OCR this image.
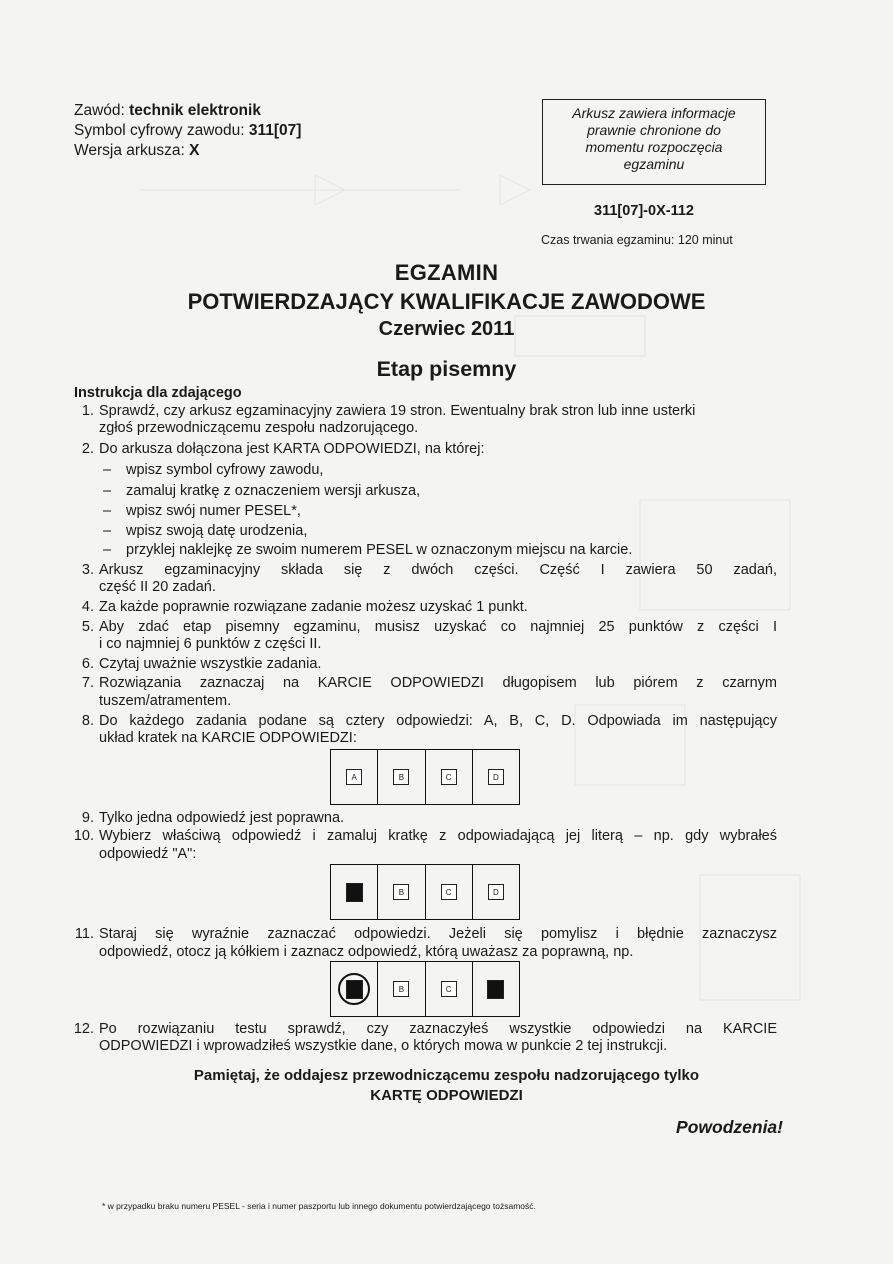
Zawód: technik elektronik
Symbol cyfrowy zawodu: 311[07]
Wersja arkusza: X
Arkusz zawiera informacje
prawnie chronione do
momentu rozpoczęcia
egzaminu
311[07]-0X-112
Czas trwania egzaminu: 120 minut
EGZAMIN
POTWIERDZAJĄCY KWALIFIKACJE ZAWODOWE
Czerwiec 2011
Etap pisemny
Instrukcja dla zdającego
1. Sprawdź, czy arkusz egzaminacyjny zawiera 19 stron. Ewentualny brak stron lub inne usterki
zgłoś przewodniczącemu zespołu nadzorującego.
2. Do arkusza dołączona jest KARTA ODPOWIEDZI, na której:
– wpisz symbol cyfrowy zawodu,
– zamaluj kratkę z oznaczeniem wersji arkusza,
– wpisz swój numer PESEL*,
– wpisz swoją datę urodzenia,
– przyklej naklejkę ze swoim numerem PESEL w oznaczonym miejscu na karcie.
3. Arkusz egzaminacyjny składa się z dwóch części. Część I zawiera 50 zadań,
część II 20 zadań.
4. Za każde poprawnie rozwiązane zadanie możesz uzyskać 1 punkt.
5. Aby zdać etap pisemny egzaminu, musisz uzyskać co najmniej 25 punktów z części I
i co najmniej 6 punktów z części II.
6. Czytaj uważnie wszystkie zadania.
7. Rozwiązania zaznaczaj na KARCIE ODPOWIEDZI długopisem lub piórem z czarnym
tuszem/atramentem.
8. Do każdego zadania podane są cztery odpowiedzi: A, B, C, D. Odpowiada im następujący
układ kratek na KARCIE ODPOWIEDZI:
A	B	C	D
9. Tylko jedna odpowiedź jest poprawna.
10. Wybierz właściwą odpowiedź i zamaluj kratkę z odpowiadającą jej literą – np. gdy wybrałeś
odpowiedź "A":
A	B	C	D
11. Staraj się wyraźnie zaznaczać odpowiedzi. Jeżeli się pomylisz i błędnie zaznaczysz
odpowiedź, otocz ją kółkiem i zaznacz odpowiedź, którą uważasz za poprawną, np.
A	B	C	D
12. Po rozwiązaniu testu sprawdź, czy zaznaczyłeś wszystkie odpowiedzi na KARCIE
ODPOWIEDZI i wprowadziłeś wszystkie dane, o których mowa w punkcie 2 tej instrukcji.
Pamiętaj, że oddajesz przewodniczącemu zespołu nadzorującego tylko
KARTĘ ODPOWIEDZI
Powodzenia!
* w przypadku braku numeru PESEL - seria i numer paszportu lub innego dokumentu potwierdzającego tożsamość.
